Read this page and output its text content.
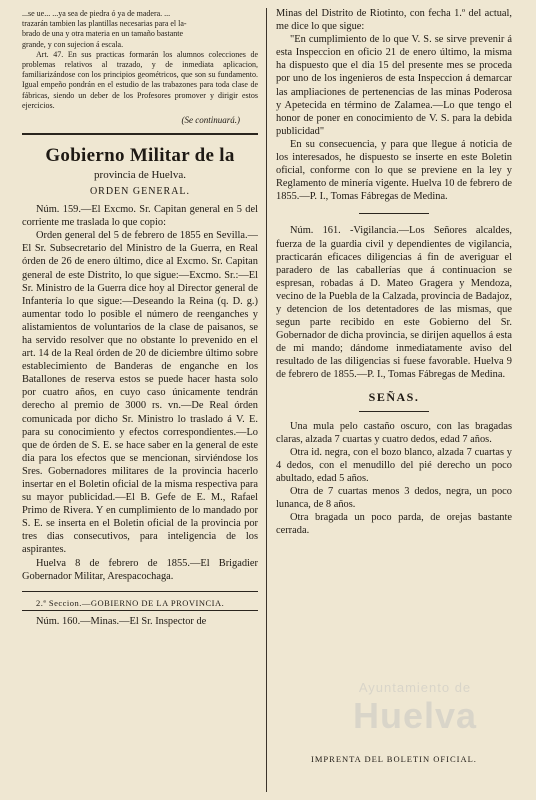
...se ue... ...ya sea de piedra ó ya de madera. ...

trazarán tambien las plantillas necesarias para el la-

brado de una y otra materia en un tamaño bastante

grande, y con sujecion á escala.

Art. 47. En sus practicas formarán los alumnos colecciones de problemas relativos al trazado, y de inmediata aplicacion, familiarizándose con los principios geométricos, que son su fundamento. Igual empeño pondrán en el estudio de las trabazones para toda clase de fábricas, siendo un deber de los Profesores promover y dirigir estos ejercicios.

(Se continuará.)

Gobierno Militar de la
provincia de Huelva.
ORDEN GENERAL.

Núm. 159.—El Excmo. Sr. Capitan general en 5 del corriente me traslada lo que copio:

Orden general del 5 de febrero de 1855 en Sevilla.—El Sr. Subsecretario del Ministro de la Guerra, en Real órden de 26 de enero último, dice al Excmo. Sr. Capitan general de este Distrito, lo que sigue:—Excmo. Sr.:—El Sr. Ministro de la Guerra dice hoy al Director general de Infantería lo que sigue:—Deseando la Reina (q. D. g.) aumentar todo lo posible el número de reenganches y alistamientos de voluntarios de la clase de paisanos, se ha servido resolver que no obstante lo prevenido en el art. 14 de la Real órden de 20 de diciembre último sobre establecimiento de Banderas de enganche en los Batallones de reserva estos se puede hacer hasta solo por cuatro años, en cuyo caso únicamente tendrán derecho al premio de 3000 rs. vn.—De Real órden comunicada por dicho Sr. Ministro lo traslado á V. E. para su conocimiento y efectos correspondientes.—Lo que de órden de S. E. se hace saber en la general de este dia para los efectos que se mencionan, sirviéndose los Sres. Gobernadores militares de la provincia hacerlo insertar en el Boletin oficial de la misma respectiva para su mayor publicidad.—El B. Gefe de E. M., Rafael Primo de Rivera. Y en cumplimiento de lo mandado por S. E. se inserta en el Boletin oficial de la provincia por tres dias consecutivos, para inteligencia de los aspirantes.

Huelva 8 de febrero de 1855.—El Brigadier Gobernador Militar, Arespacochaga.

2.ª Seccion.—GOBIERNO DE LA PROVINCIA.

Núm. 160.—Minas.—El Sr. Inspector de

Minas del Distrito de Riotinto, con fecha 1.º del actual, me dice lo que sigue:

"En cumplimiento de lo que V. S. se sirve prevenir á esta Inspeccion en oficio 21 de enero último, la misma ha dispuesto que el dia 15 del presente mes se proceda por uno de los ingenieros de esta Inspeccion á demarcar las ampliaciones de pertenencias de las minas Poderosa y Apetecida en término de Zalamea.—Lo que tengo el honor de poner en conocimiento de V. S. para la debida publicidad"

En su consecuencia, y para que llegue á noticia de los interesados, he dispuesto se inserte en este Boletin oficial, conforme con lo que se previene en la ley y Reglamento de minería vigente. Huelva 10 de febrero de 1855.—P. I., Tomas Fábregas de Medina.

Núm. 161. -Vigilancia.—Los Señores alcaldes, fuerza de la guardia civil y dependientes de vigilancia, practicarán eficaces diligencias á fin de averiguar el paradero de las caballerías que á continuacion se espresan, robadas á D. Mateo Gragera y Mendoza, vecino de la Puebla de la Calzada, provincia de Badajoz, y detencion de los detentadores de las mismas, que segun parte recibido en este Gobierno del Sr. Gobernador de dicha provincia, se dirijen aquellos á esta de mi mando; dándome inmediatamente aviso del resultado de las diligencias si fuese favorable. Huelva 9 de febrero de 1855.—P. I., Tomas Fábregas de Medina.

SEÑAS.

Una mula pelo castaño oscuro, con las bragadas claras, alzada 7 cuartas y cuatro dedos, edad 7 años.

Otra id. negra, con el bozo blanco, alzada 7 cuartas y 4 dedos, con el menudillo del pié derecho un poco abultado, edad 5 años.

Otra de 7 cuartas menos 3 dedos, negra, un poco lunanca, de 8 años.

Otra bragada un poco parda, de orejas bastante cerrada.

Ayuntamiento de
Huelva
IMPRENTA DEL BOLETIN OFICIAL.
